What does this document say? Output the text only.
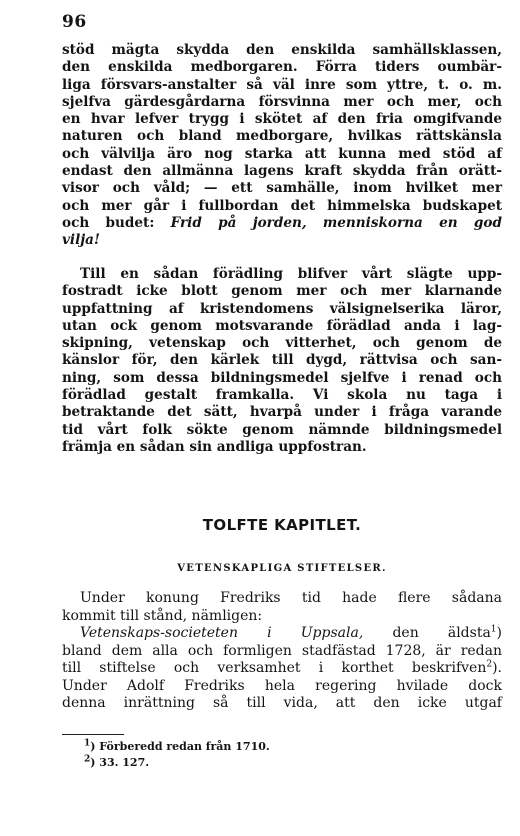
96
stöd mägta skydda den enskilda samhällsklassen,
den enskilda medborgaren. Förra tiders oumbär-
liga försvars-anstalter så väl inre som yttre, t. o. m.
sjelfva gärdesgårdarna försvinna mer och mer, och
en hvar lefver trygg i skötet af den fria omgifvande
naturen och bland medborgare, hvilkas rättskänsla
och välvilja äro nog starka att kunna med stöd af
endast den allmänna lagens kraft skydda från orätt-
visor och våld; — ett samhälle, inom hvilket mer
och mer går i fullbordan det himmelska budskapet
och budet: Frid på jorden, menniskorna en god
vilja!
Till en sådan förädling blifver vårt slägte upp-
fostradt icke blott genom mer och mer klarnande
uppfattning af kristendomens välsignelserika läror,
utan ock genom motsvarande förädlad anda i lag-
skipning, vetenskap och vitterhet, och genom de
känslor för, den kärlek till dygd, rättvisa och san-
ning, som dessa bildningsmedel sjelfve i renad och
förädlad gestalt framkalla. Vi skola nu taga i
betraktande det sätt, hvarpå under i fråga varande
tid vårt folk sökte genom nämnde bildningsmedel
främja en sådan sin andliga uppfostran.
TOLFTE KAPITLET.
VETENSKAPLIGA STIFTELSER.
Under konung Fredriks tid hade flere sådana
kommit till stånd, nämligen:
Vetenskaps-societeten i Uppsala, den äldsta$^1$)
bland dem alla och formligen stadfästad 1728, är redan
till stiftelse och verksamhet i korthet beskrifven$^2$).
Under Adolf Fredriks hela regering hvilade dock
denna inrättning så till vida, att den icke utgaf
$^1$) Förberedd redan från 1710.
$^2$) 33. 127.
